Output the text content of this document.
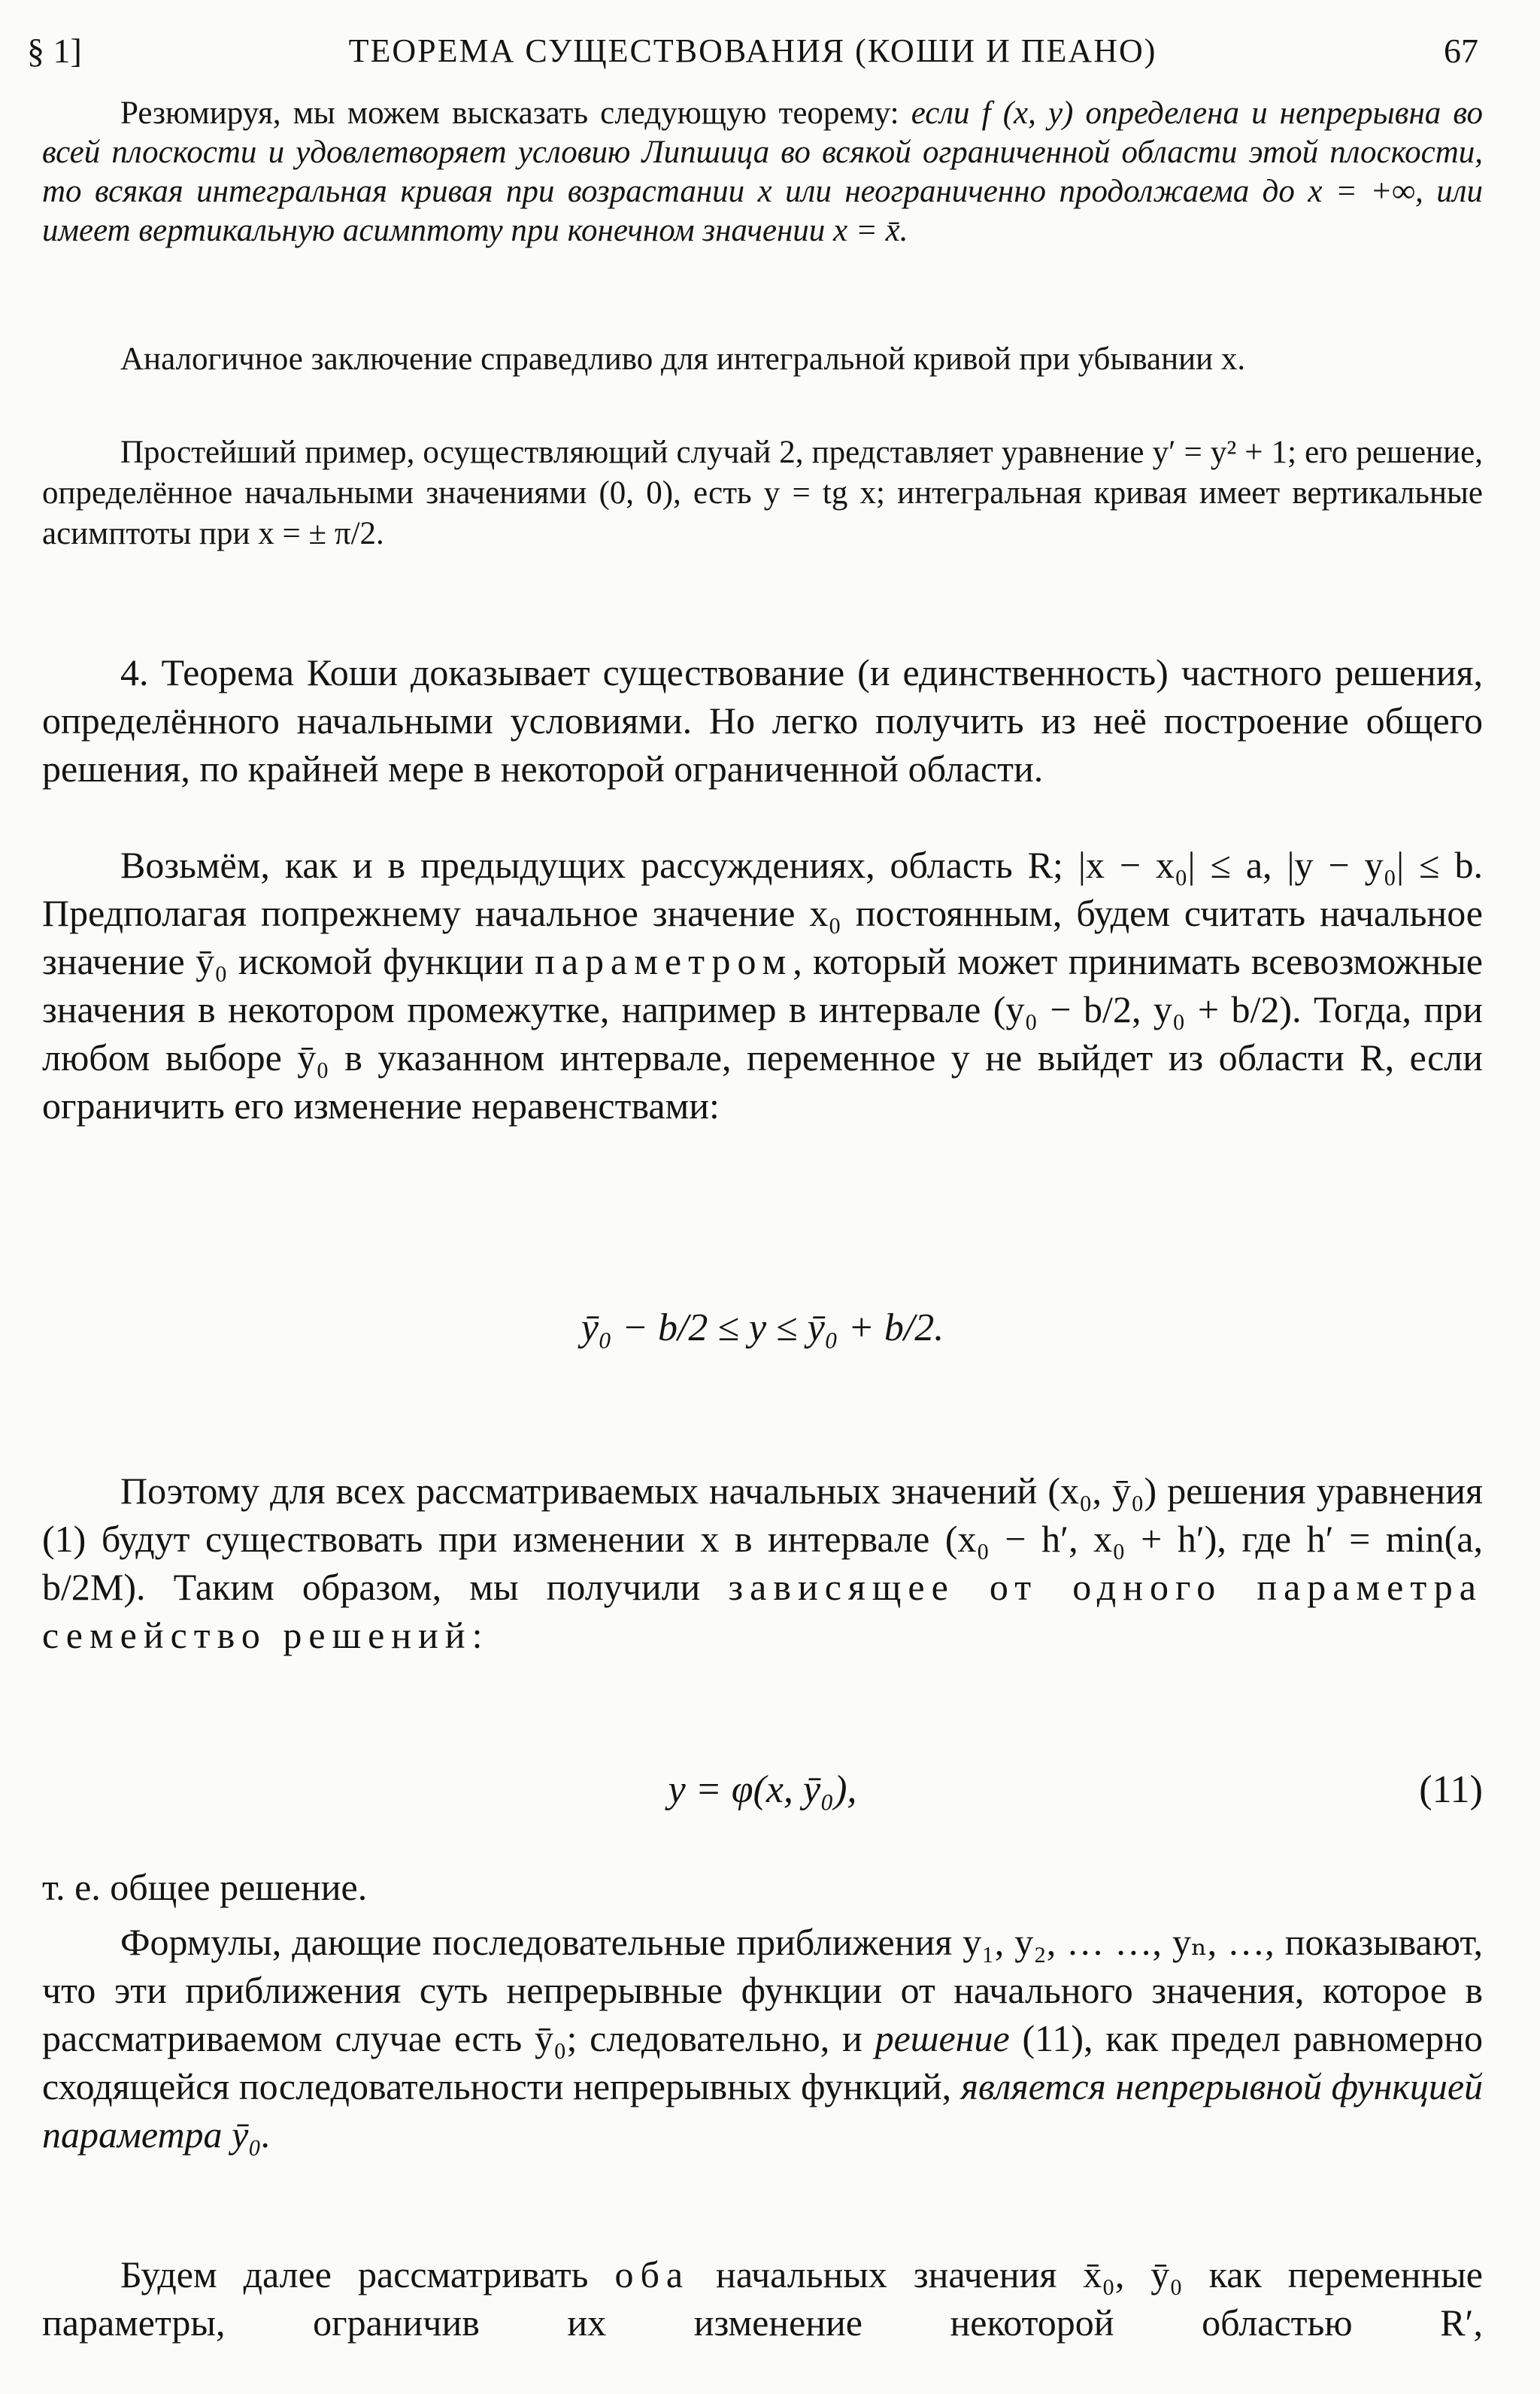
§ 1]	ТЕОРЕМА СУЩЕСТВОВАНИЯ (КОШИ И ПЕАНО)	67

Резюмируя, мы можем высказать следующую теорему: если f (x, y) определена и непрерывна во всей плоскости и удовлетворяет условию Липшица во всякой ограниченной области этой плоскости, то всякая интегральная кривая при возрастании x или неограниченно продолжаема до x = +∞, или имеет вертикальную асимптоту при конечном значении x = x̄.

Аналогичное заключение справедливо для интегральной кривой при убывании x.

Простейший пример, осуществляющий случай 2, представляет уравнение y′ = y² + 1; его решение, определённое начальными значениями (0, 0), есть y = tg x; интегральная кривая имеет вертикальные асимптоты при x = ± π/2.

4. Теорема Коши доказывает существование (и единственность) частного решения, определённого начальными условиями. Но легко получить из неё построение общего решения, по крайней мере в некоторой ограниченной области.

Возьмём, как и в предыдущих рассуждениях, область R; |x − x₀| ≤ a, |y − y₀| ≤ b. Предполагая попрежнему начальное значение x₀ постоянным, будем считать начальное значение ȳ₀ искомой функции параметром, который может принимать всевозможные значения в некотором промежутке, например в интервале (y₀ − b/2, y₀ + b/2). Тогда, при любом выборе ȳ₀ в указанном интервале, переменное y не выйдет из области R, если ограничить его изменение неравенствами:

ȳ₀ − b/2 ≤ y ≤ ȳ₀ + b/2.

Поэтому для всех рассматриваемых начальных значений (x₀, ȳ₀) решения уравнения (1) будут существовать при изменении x в интервале (x₀ − h′, x₀ + h′), где h′ = min(a, b/2M). Таким образом, мы получили зависящее от одного параметра семейство решений:

y = φ(x, ȳ₀),	(11)

т. е. общее решение.

Формулы, дающие последовательные приближения y₁, y₂, … …, yₙ, …, показывают, что эти приближения суть непрерывные функции от начального значения, которое в рассматриваемом случае есть ȳ₀; следовательно, и решение (11), как предел равномерно сходящейся последовательности непрерывных функций, является непрерывной функцией параметра ȳ₀.

Будем далее рассматривать оба начальных значения x̄₀, ȳ₀ как переменные параметры, ограничив их изменение некоторой областью R′,
